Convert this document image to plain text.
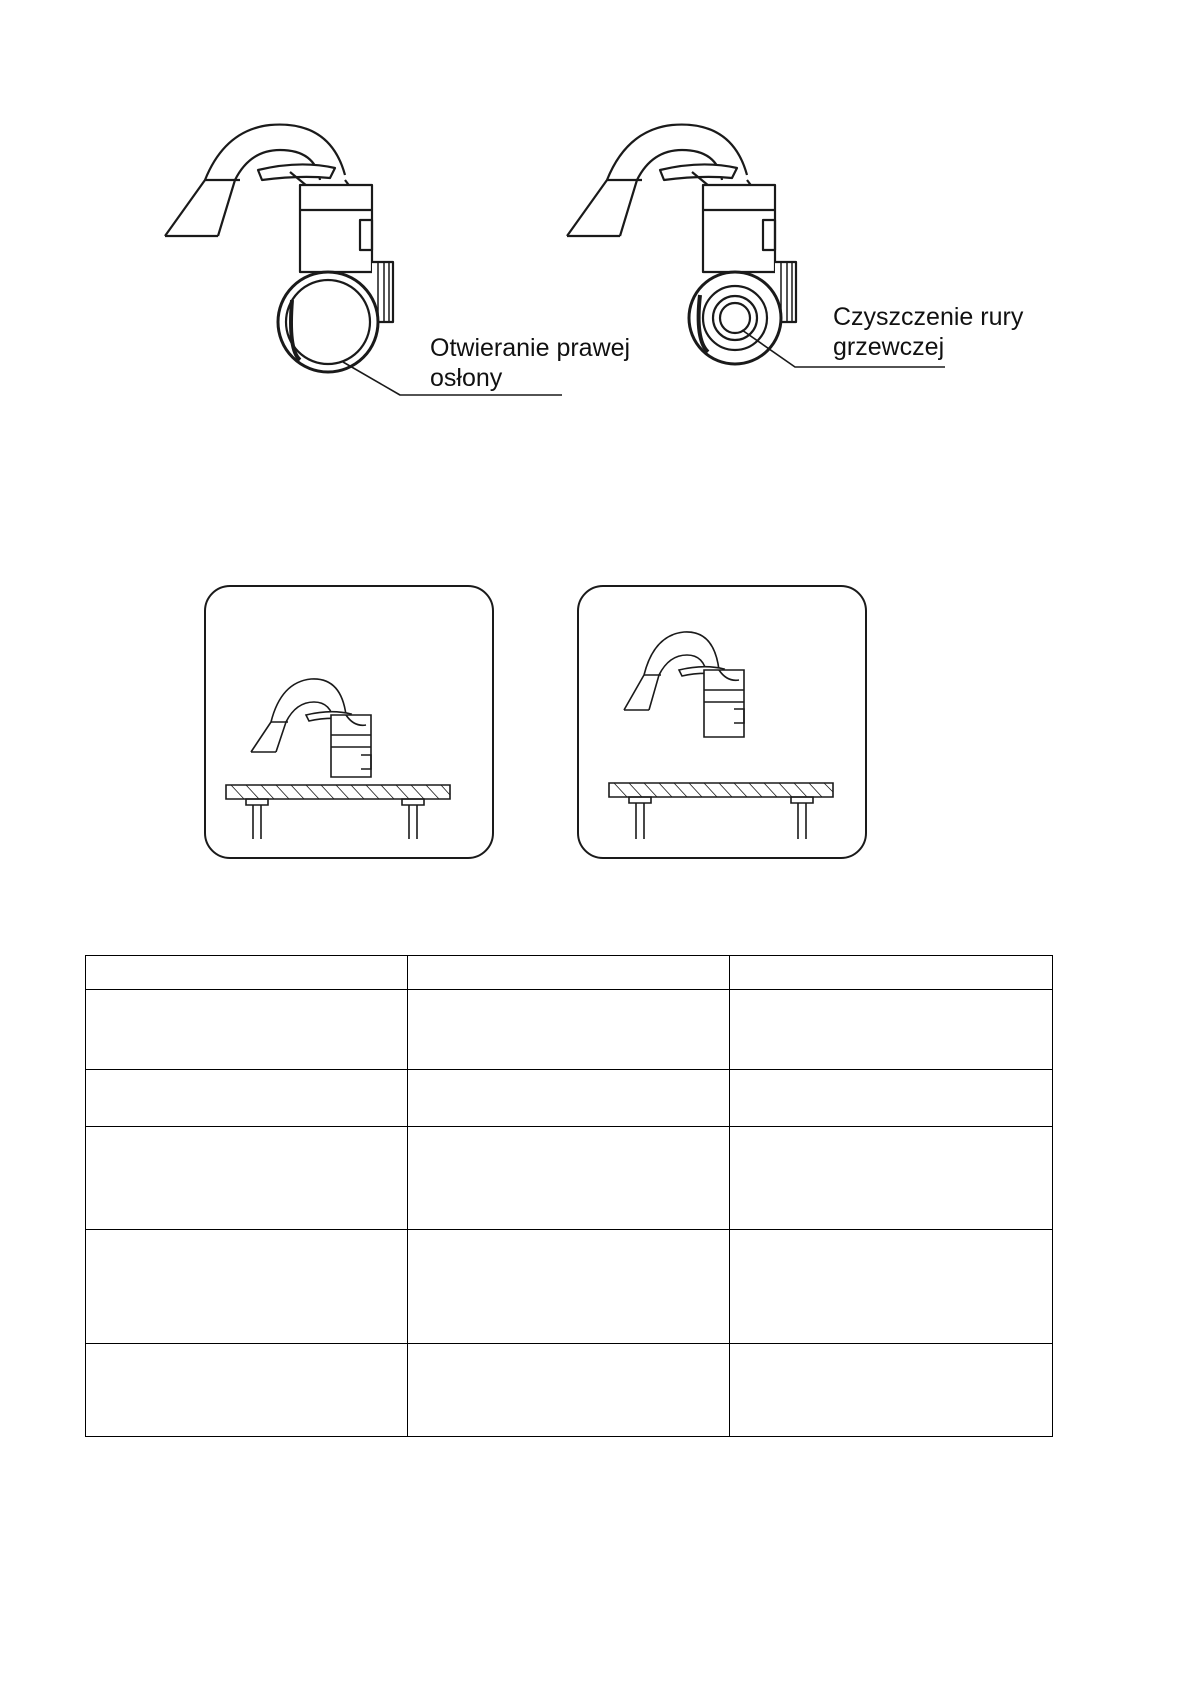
Otwieranie prawej
osłony
Czyszczenie rury
grzewczej
